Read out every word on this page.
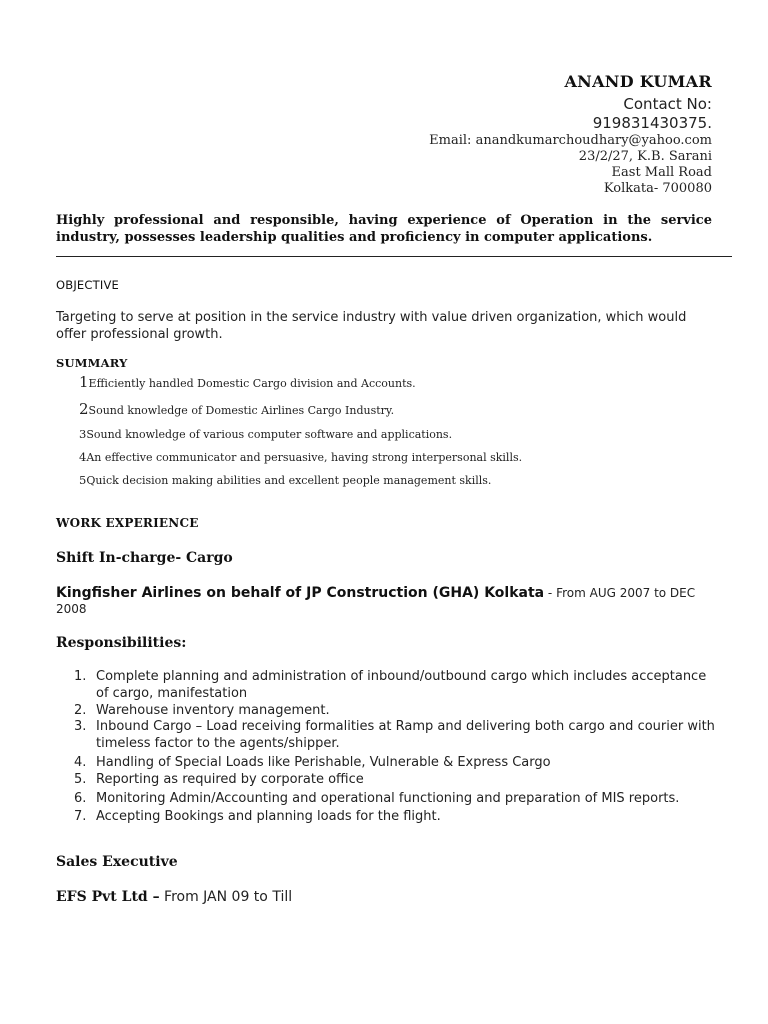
ANAND KUMAR
Contact No:
919831430375.
Email: anandkumarchoudhary@yahoo.com
23/2/27, K.B. Sarani
East Mall Road
Kolkata- 700080
Highly professional and responsible, having experience of Operation in the service industry, possesses leadership qualities and proficiency in computer applications.
OBJECTIVE
Targeting to serve at position in the service industry with value driven organization, which would offer professional growth.
SUMMARY
1Efficiently handled Domestic Cargo division and Accounts.
2Sound knowledge of Domestic Airlines Cargo Industry.
3Sound knowledge of various computer software and applications.
4An effective communicator and persuasive, having strong interpersonal skills.
5Quick decision making abilities and excellent people management skills.
WORK EXPERIENCE
Shift In-charge- Cargo
Kingfisher Airlines on behalf of JP Construction (GHA) Kolkata - From AUG 2007 to DEC 2008
Responsibilities:
1. Complete planning and administration of inbound/outbound cargo which includes acceptance of cargo, manifestation
2. Warehouse inventory management.
3. Inbound Cargo – Load receiving formalities at Ramp and delivering both cargo and courier with timeless factor to the agents/shipper.
4. Handling of Special Loads like Perishable, Vulnerable & Express Cargo
5. Reporting as required by corporate office
6. Monitoring Admin/Accounting and operational functioning and preparation of MIS reports.
7. Accepting Bookings and planning loads for the flight.
Sales Executive
EFS Pvt Ltd – From JAN 09 to Till
